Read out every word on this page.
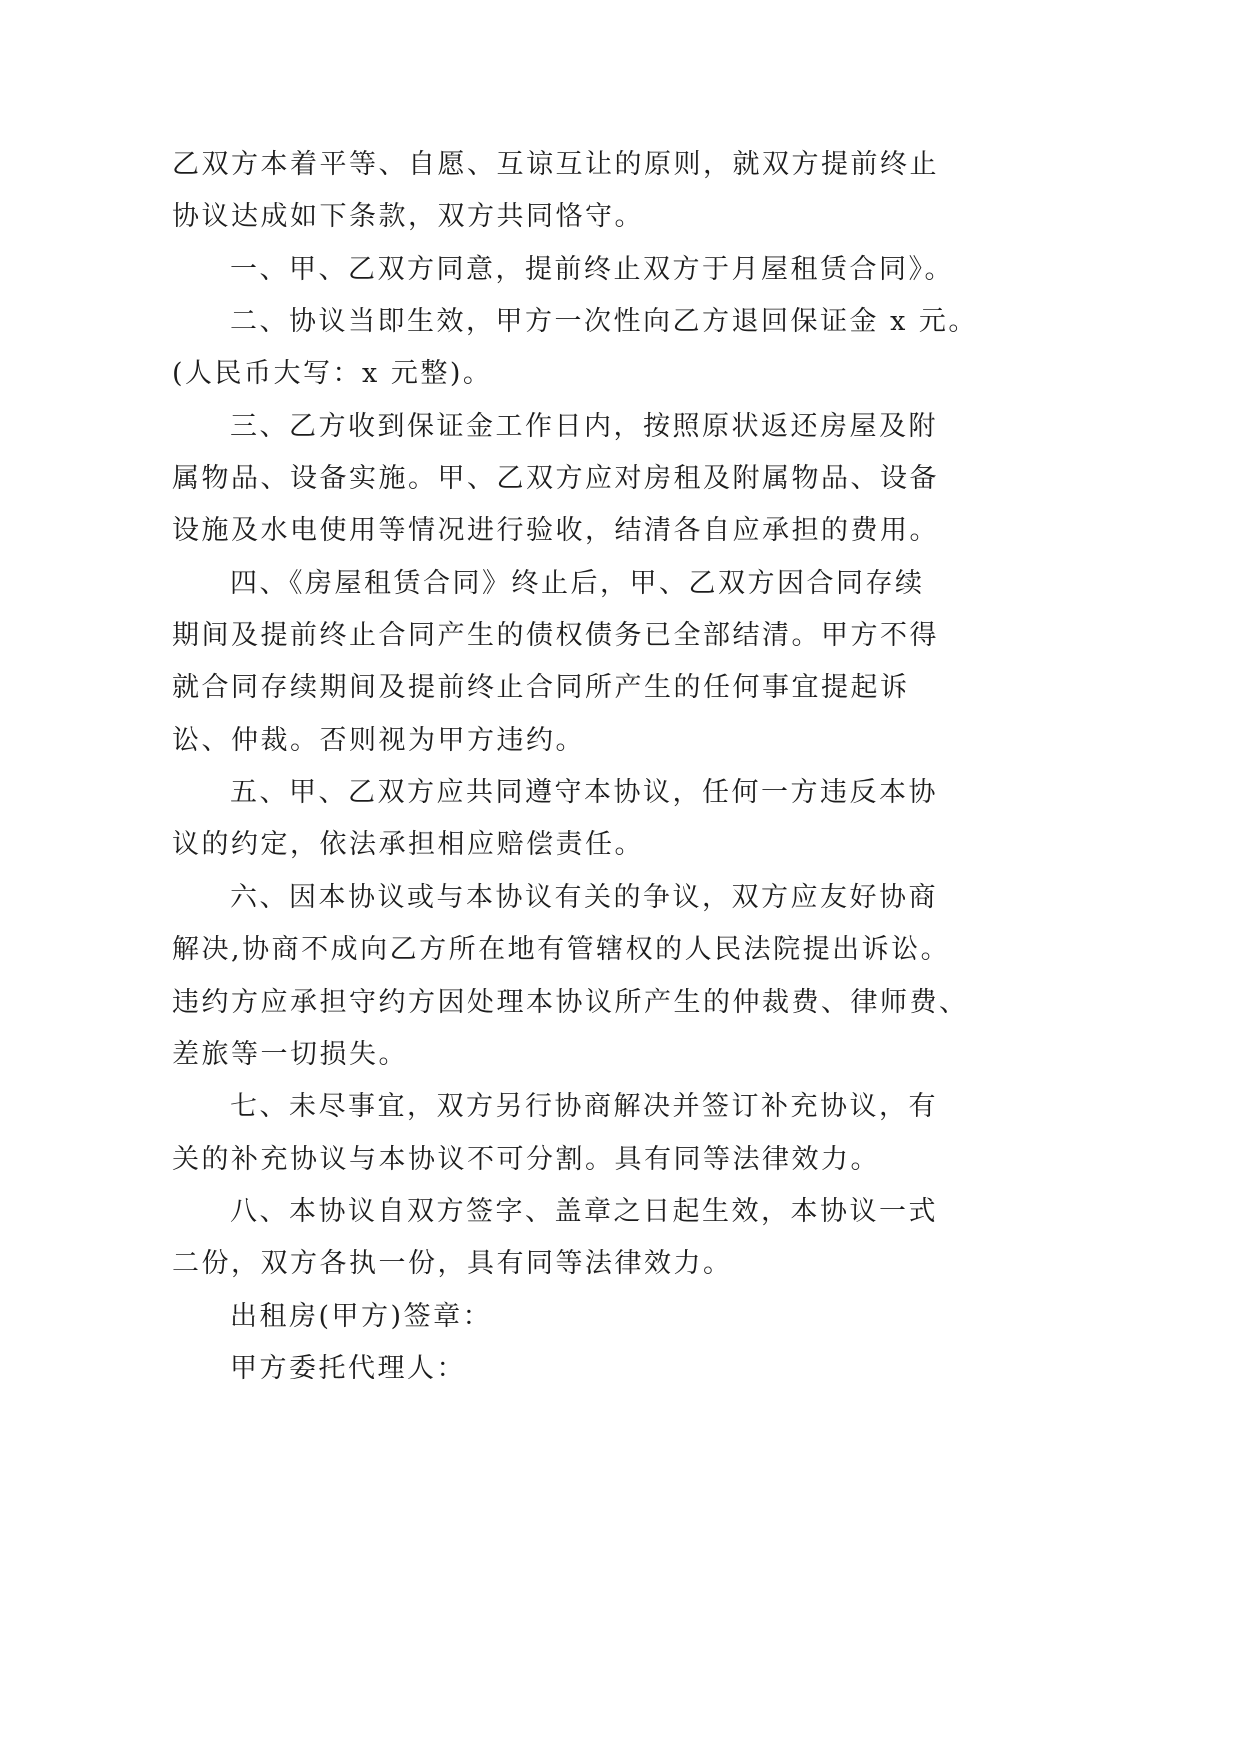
乙双方本着平等、自愿、互谅互让的原则，就双方提前终止
协议达成如下条款，双方共同恪守。
一、甲、乙双方同意，提前终止双方于月屋租赁合同》。
二、协议当即生效，甲方一次性向乙方退回保证金 x 元。
(人民币大写：x 元整)。
三、乙方收到保证金工作日内，按照原状返还房屋及附
属物品、设备实施。甲、乙双方应对房租及附属物品、设备
设施及水电使用等情况进行验收，结清各自应承担的费用。
四、《房屋租赁合同》终止后，甲、乙双方因合同存续
期间及提前终止合同产生的债权债务已全部结清。甲方不得
就合同存续期间及提前终止合同所产生的任何事宜提起诉
讼、仲裁。否则视为甲方违约。
五、甲、乙双方应共同遵守本协议，任何一方违反本协
议的约定，依法承担相应赔偿责任。
六、因本协议或与本协议有关的争议，双方应友好协商
解决,协商不成向乙方所在地有管辖权的人民法院提出诉讼。
违约方应承担守约方因处理本协议所产生的仲裁费、律师费、
差旅等一切损失。
七、未尽事宜，双方另行协商解决并签订补充协议，有
关的补充协议与本协议不可分割。具有同等法律效力。
八、本协议自双方签字、盖章之日起生效，本协议一式
二份，双方各执一份，具有同等法律效力。
出租房(甲方)签章：
甲方委托代理人：
